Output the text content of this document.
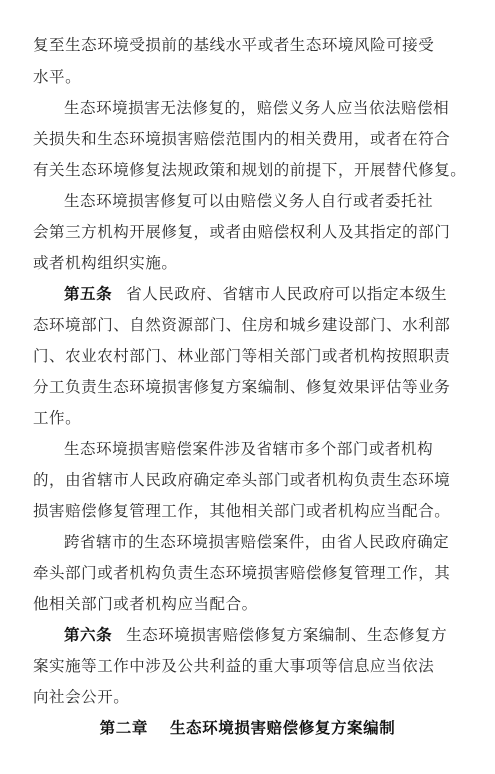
复至生态环境受损前的基线水平或者生态环境风险可接受
水平。
生态环境损害无法修复的，赔偿义务人应当依法赔偿相
关损失和生态环境损害赔偿范围内的相关费用，或者在符合
有关生态环境修复法规政策和规划的前提下，开展替代修复。
生态环境损害修复可以由赔偿义务人自行或者委托社
会第三方机构开展修复，或者由赔偿权利人及其指定的部门
或者机构组织实施。
第五条 省人民政府、省辖市人民政府可以指定本级生
态环境部门、自然资源部门、住房和城乡建设部门、水利部
门、农业农村部门、林业部门等相关部门或者机构按照职责
分工负责生态环境损害修复方案编制、修复效果评估等业务
工作。
生态环境损害赔偿案件涉及省辖市多个部门或者机构
的，由省辖市人民政府确定牵头部门或者机构负责生态环境
损害赔偿修复管理工作，其他相关部门或者机构应当配合。
跨省辖市的生态环境损害赔偿案件，由省人民政府确定
牵头部门或者机构负责生态环境损害赔偿修复管理工作，其
他相关部门或者机构应当配合。
第六条 生态环境损害赔偿修复方案编制、生态修复方
案实施等工作中涉及公共利益的重大事项等信息应当依法
向社会公开。
第二章 生态环境损害赔偿修复方案编制
